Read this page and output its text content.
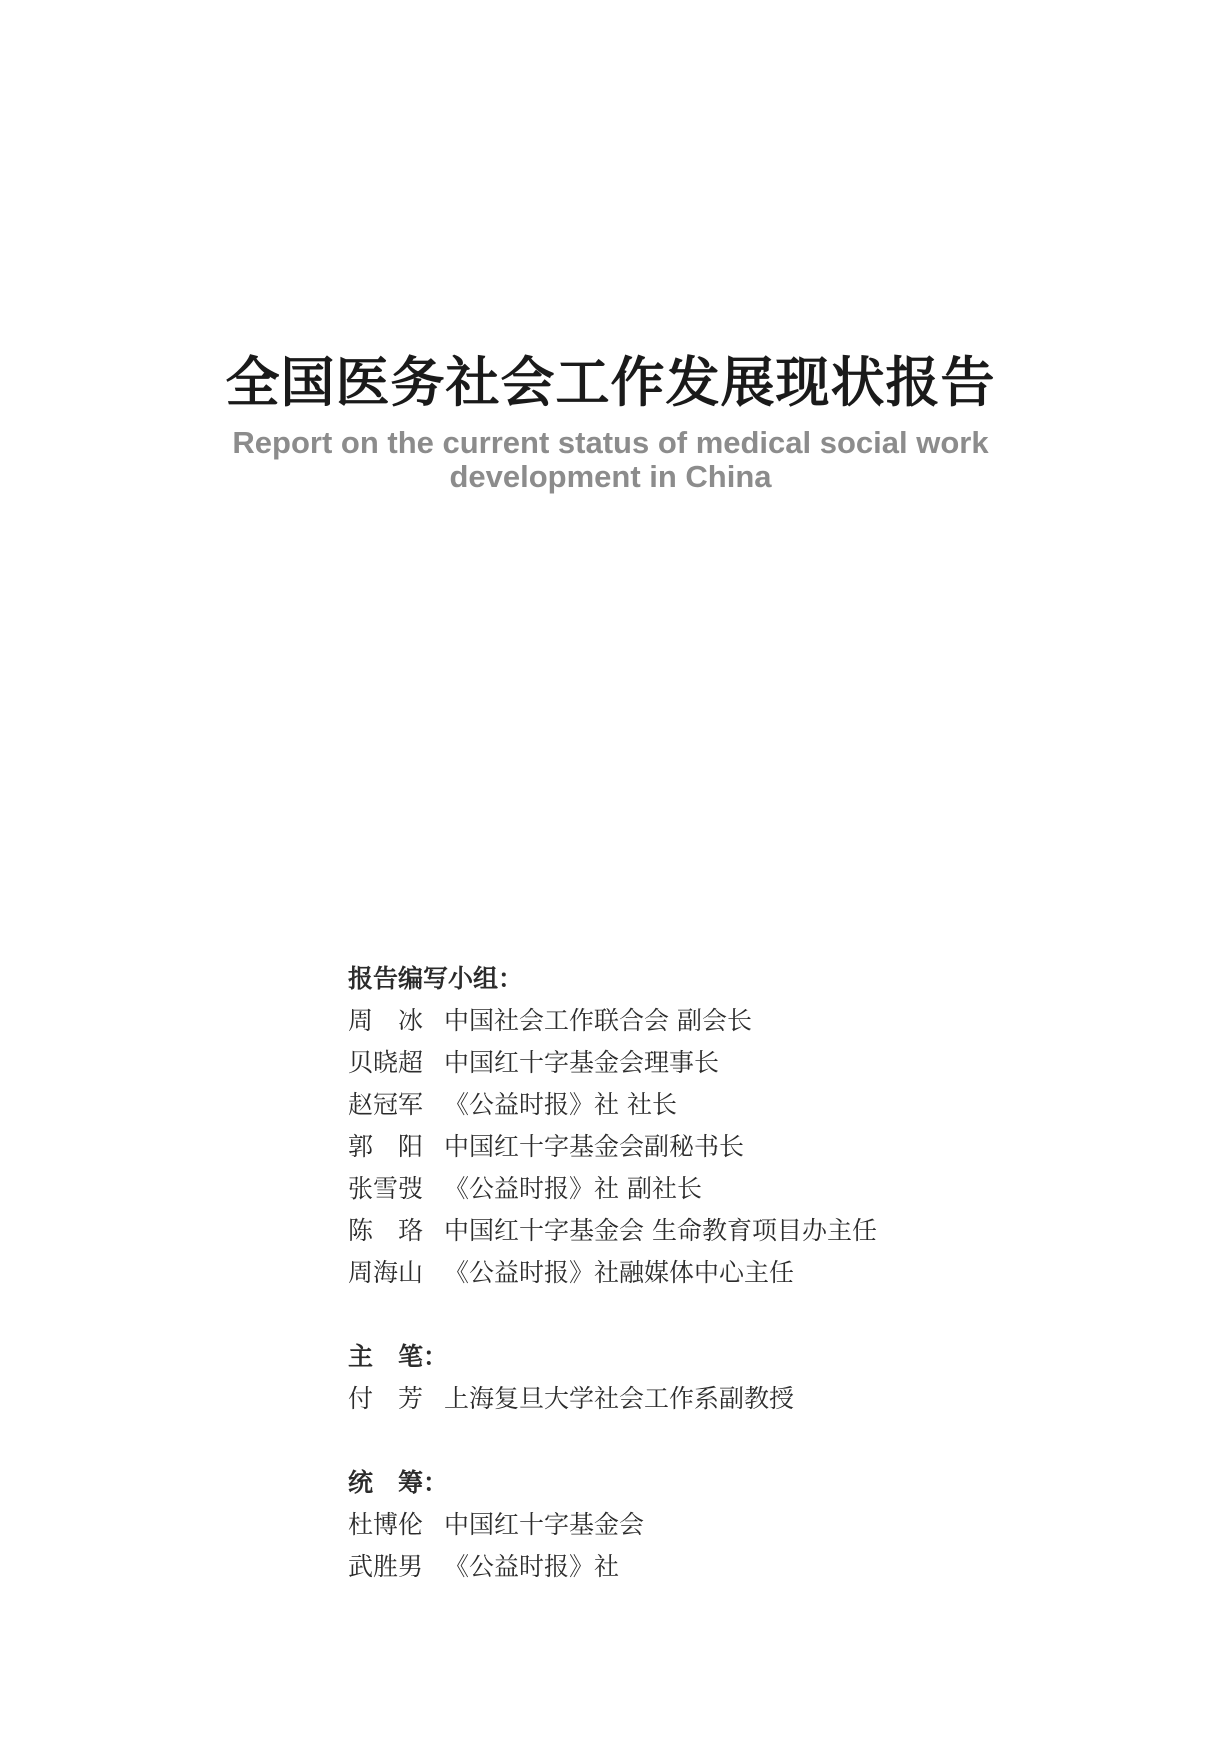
全国医务社会工作发展现状报告
Report on the current status of medical social work development in China
报告编写小组：
周　冰 中国社会工作联合会 副会长
贝晓超 中国红十字基金会理事长
赵冠军 《公益时报》社 社长
郭　阳 中国红十字基金会副秘书长
张雪弢 《公益时报》社 副社长
陈　珞 中国红十字基金会 生命教育项目办主任
周海山 《公益时报》社融媒体中心主任
主　笔：
付　芳 上海复旦大学社会工作系副教授
统　筹：
杜博伦 中国红十字基金会
武胜男 《公益时报》社
